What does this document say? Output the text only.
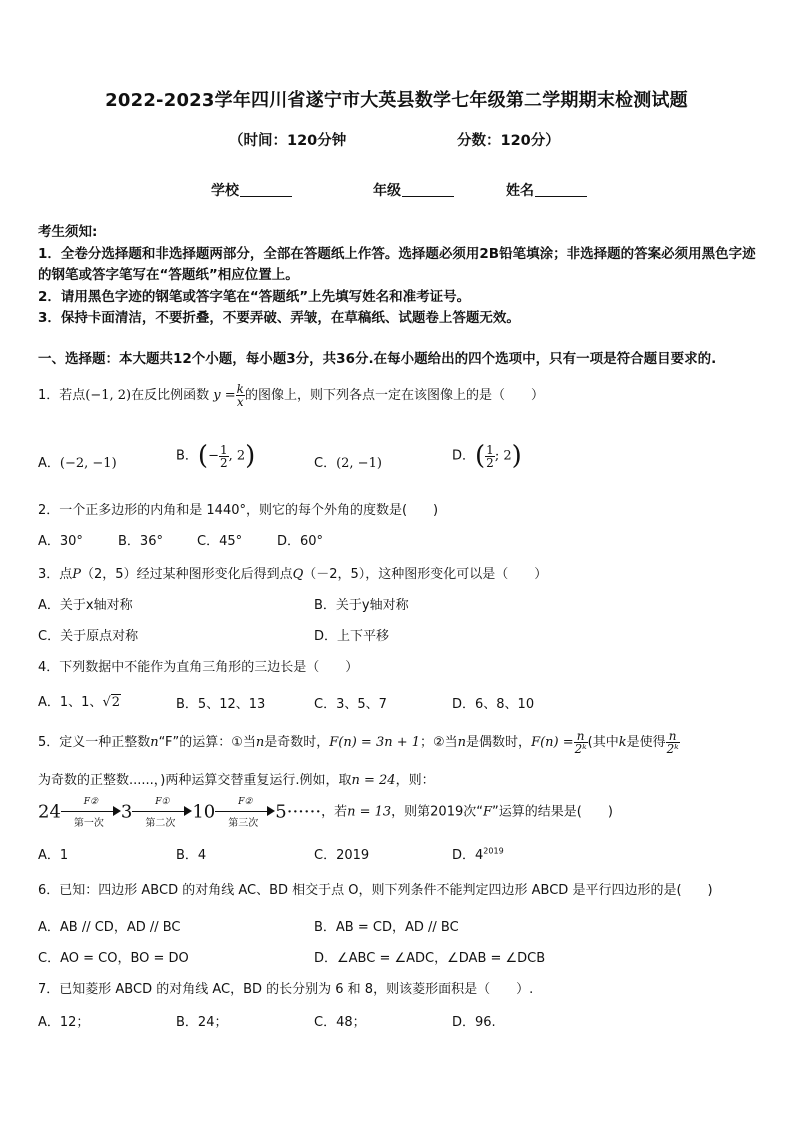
2022-2023学年四川省遂宁市大英县数学七年级第二学期期末检测试题
（时间：120分钟	分数：120分）
学校	年级	姓名
考生须知:
1．全卷分选择题和非选择题两部分，全部在答题纸上作答。选择题必须用2B铅笔填涂；非选择题的答案必须用黑色字迹的钢笔或答字笔写在“答题纸”相应位置上。
2．请用黑色字迹的钢笔或答字笔在“答题纸”上先填写姓名和准考证号。
3．保持卡面清洁，不要折叠，不要弄破、弄皱，在草稿纸、试题卷上答题无效。
一、选择题：本大题共12个小题，每小题3分，共36分.在每小题给出的四个选项中，只有一项是符合题目要求的.
1．若点(−1, 2)在反比例函数 $y = \frac{k}{x}$ 的图像上，则下列各点一定在该图像上的是（　　）
A．(−2, −1)	B．(− $\frac{1}{2}$ , 2)	C．(2, −1)	D．( $\frac{1}{2}$ ; 2)
2．一个正多边形的内角和是 1440°，则它的每个外角的度数是(　　)
A．30°	B．36°	C．45°	D．60°
3．点P（2，5）经过某种图形变化后得到点Q（－2，5），这种图形变化可以是（　　）
A．关于x轴对称	B．关于y轴对称
C．关于原点对称	D．上下平移
4．下列数据中不能作为直角三角形的三边长是（　　）
A．1、1、√2	B．5、12、13	C．3、5、7	D．6、8、10
5．定义一种正整数n“F”的运算：①当n是奇数时，F(n) = 3n + 1；②当n是偶数时，$F(n) = \frac{n}{\text{2ᵏ}}$ (其中k是使得 $\frac{n}{\text{2ᵏ}}$
为奇数的正整数......，)两种运算交替重复运行.例如，取n = 24，则：
24	F②
第一次
3	F①
第二次
10	F②
第三次
5······，若n = 13，则第2019次“F”运算的结果是(　　)
A．1	B．4	C．2019	D．$4^{2019}$
6．已知：四边形 ABCD 的对角线 AC、BD 相交于点 O，则下列条件不能判定四边形 ABCD 是平行四边形的是(　　)
A．AB // CD，AD // BC	B．AB = CD，AD // BC
C．AO = CO，BO = DO	D．∠ABC = ∠ADC，∠DAB = ∠DCB
7．已知菱形 ABCD 的对角线 AC，BD 的长分别为 6 和 8，则该菱形面积是（　　）.
A．12；	B．24；	C．48；	D．96.
